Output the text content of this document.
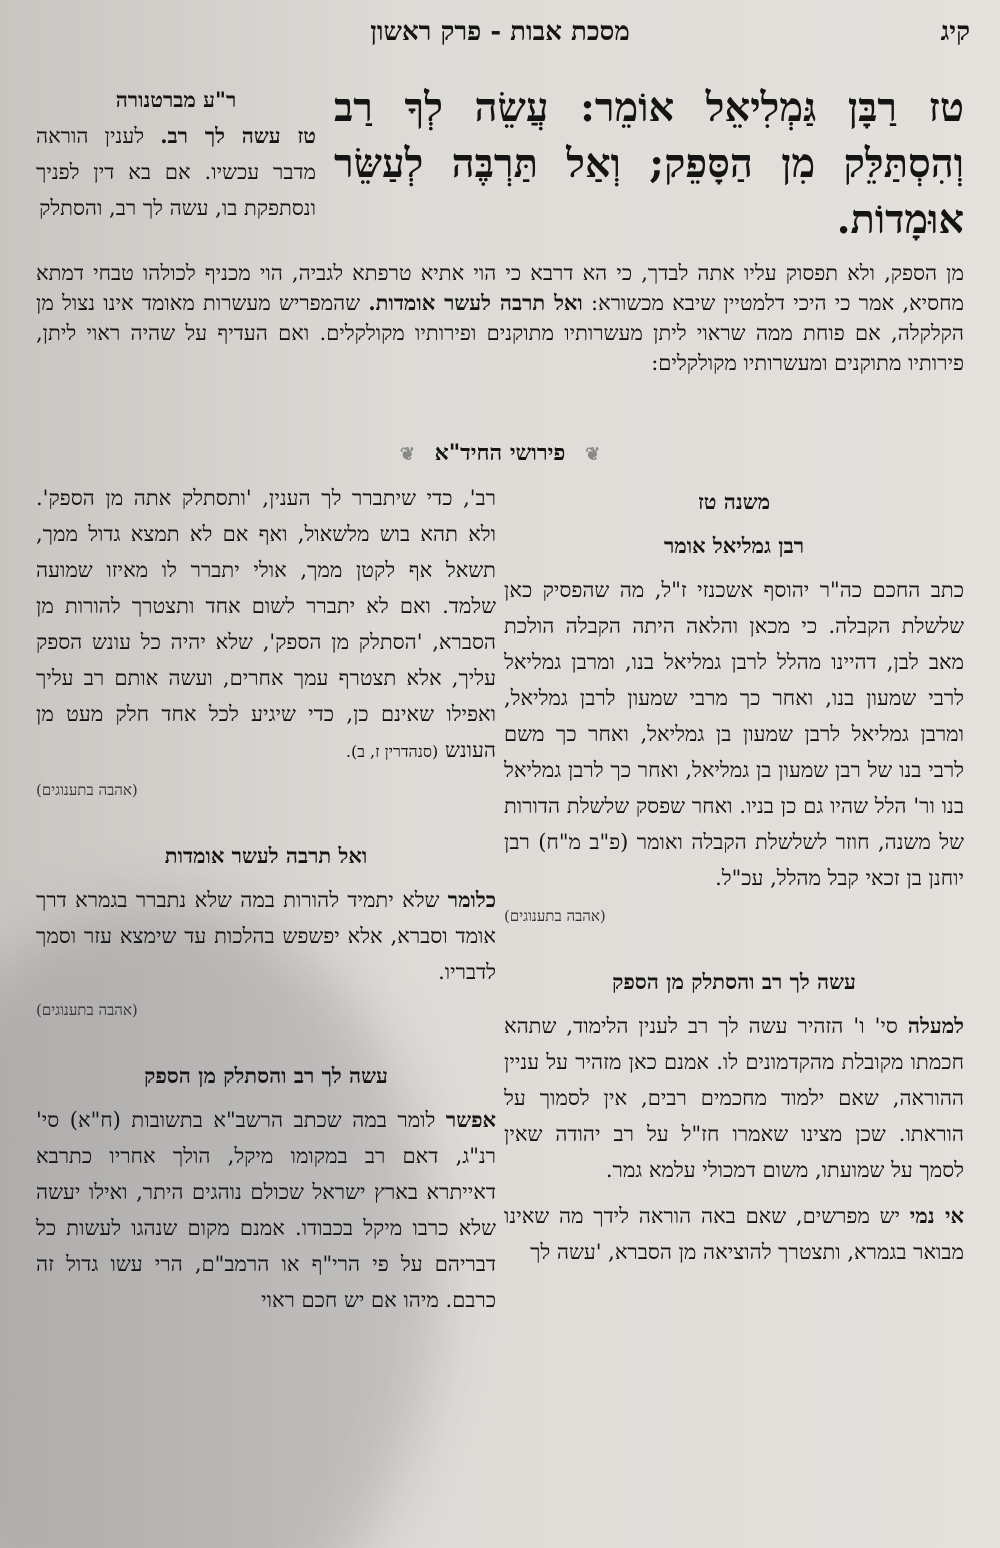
קיג
מסכת אבות - פרק ראשון
טז רַבָּן גַּמְלִיאֵל אוֹמֵר: עֲשֵׂה לְךָ רַב וְהִסְתַּלֵּק מִן הַסָּפֵק; וְאַל תַּרְבֶּה לְעַשֵּׂר אוּמָדוֹת.
ר"ע מברטנורה

טז עשה לך רב. לענין הוראה מדבר עכשיו. אם בא דין לפניך ונסתפקת בו, עשה לך רב, והסתלק

מן הספק, ולא תפסוק עליו אתה לבדך, כי הא דרבא כי הוי אתיא טרפתא לגביה, הוי מכניף לכולהו טבחי דמתא מחסיא, אמר כי היכי דלמטיין שיבא מכשורא: ואל תרבה לעשר אומדות. שהמפריש מעשרות מאומד אינו נצול מן הקלקלה, אם פוחת ממה שראוי ליתן מעשרותיו מתוקנים ופירותיו מקולקלים. ואם העדיף על שהיה ראוי ליתן, פירותיו מתוקנים ומעשרותיו מקולקלים:
❦ פירושי החיד"א ❦
משנה טז
רבן גמליאל אומר

כתב החכם כה"ר יהוסף אשכנזי ז"ל, מה שהפסיק כאן שלשלת הקבלה. כי מכאן והלאה היתה הקבלה הולכת מאב לבן, דהיינו מהלל לרבן גמליאל בנו, ומרבן גמליאל לרבי שמעון בנו, ואחר כך מרבי שמעון לרבן גמליאל, ומרבן גמליאל לרבן שמעון בן גמליאל, ואחר כך משם לרבי בנו של רבן שמעון בן גמליאל, ואחר כך לרבן גמליאל בנו ור' הלל שהיו גם כן בניו. ואחר שפסק שלשלת הדורות של משנה, חוזר לשלשלת הקבלה ואומר (פ"ב מ"ח) רבן יוחנן בן זכאי קבל מהלל, עכ"ל.

(אהבה בתענוגים)
עשה לך רב והסתלק מן הספק

למעלה סי' ו' הזהיר עשה לך רב לענין הלימוד, שתהא חכמתו מקובלת מהקדמונים לו. אמנם כאן מזהיר על עניין ההוראה, שאם ילמוד מחכמים רבים, אין לסמוך על הוראתו. שכן מצינו שאמרו חז"ל על רב יהודה שאין לסמך על שמועתו, משום דמכולי עלמא גמר.

אי נמי יש מפרשים, שאם באה הוראה לידך מה שאינו מבואר בגמרא, ותצטרך להוציאה מן הסברא, 'עשה לך

רב', כדי שיתברר לך הענין, 'ותסתלק אתה מן הספק'. ולא תהא בוש מלשאול, ואף אם לא תמצא גדול ממך, תשאל אף לקטן ממך, אולי יתברר לו מאיזו שמועה שלמד. ואם לא יתברר לשום אחד ותצטרך להורות מן הסברא, 'הסתלק מן הספק', שלא יהיה כל עונש הספק עליך, אלא תצטרף עמך אחרים, ועשה אותם רב עליך ואפילו שאינם כן, כדי שיגיע לכל אחד חלק מעט מן העונש (סנהדרין ז, ב).

(אהבה בתענוגים)
ואל תרבה לעשר אומדות

כלומר שלא יתמיד להורות במה שלא נתברר בגמרא דרך אומד וסברא, אלא יפשפש בהלכות עד שימצא עזר וסמך לדבריו.

(אהבה בתענוגים)
עשה לך רב והסתלק מן הספק

אפשר לומר במה שכתב הרשב"א בתשובות (ח"א) סי' רנ"ג, דאם רב במקומו מיקל, הולך אחריו כתרבא דאייתרא בארץ ישראל שכולם נוהגים היתר, ואילו יעשה שלא כרבו מיקל בכבודו. אמנם מקום שנהגו לעשות כל דבריהם על פי הרי"ף או הרמב"ם, הרי עשו גדול זה כרבם. מיהו אם יש חכם ראוי
